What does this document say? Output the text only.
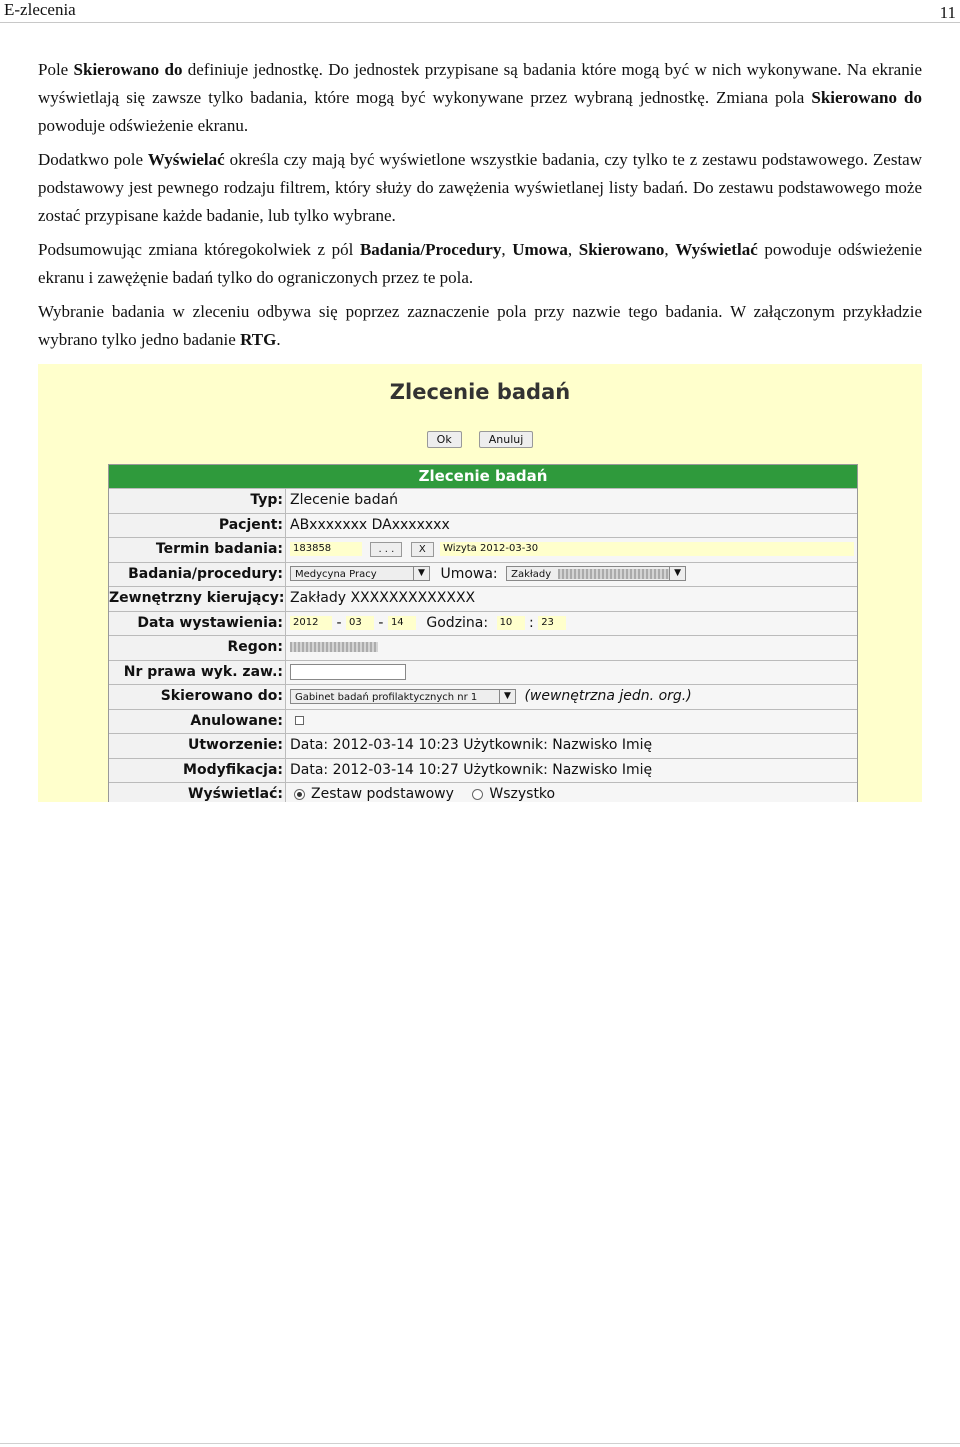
E-zlecenia	11

Pole Skierowano do definiuje jednostkę. Do jednostek przypisane są badania które mogą być w nich wykonywane. Na ekranie wyświetlają się zawsze tylko badania, które mogą być wykonywane przez wybraną jednostkę. Zmiana pola Skierowano do powoduje odświeżenie ekranu.

Dodatkwo pole Wyświelać określa czy mają być wyświetlone wszystkie badania, czy tylko te z zestawu podstawowego. Zestaw podstawowy jest pewnego rodzaju filtrem, który służy do zawężenia wyświetlanej listy badań. Do zestawu podstawowego może zostać przypisane każde badanie, lub tylko wybrane.

Podsumowując zmiana któregokolwiek z pól Badania/Procedury, Umowa, Skierowano, Wyświetlać powoduje odświeżenie ekranu i zawężęnie badań tylko do ograniczonych przez te pola.

Wybranie badania w zleceniu odbywa się poprzez zaznaczenie pola przy nazwie tego badania. W załączonym przykładzie wybrano tylko jedno badanie RTG.

Zlecenie badań
Ok	Anuluj
Zlecenie badań
Typ: Zlecenie badań
Pacjent: ABxxxxxxx DAxxxxxxx
Termin badania:	183858	. . . X Wizyta 2012-03-30
Badania/procedury:	Medycyna Pracy	▼ Umowa: Zakłady	▼
Zewnętrzny kierujący: Zakłady XXXXXXXXXXXXX
Data wystawienia:	2012 - 03 - 14 Godzina: 10 : 23
Regon:
Nr prawa wyk. zaw.:
Skierowano do:	Gabinet badań profilaktycznych nr 1	▼ (wewnętrzna jedn. org.)
Anulowane:
Utworzenie: Data: 2012-03-14 10:23 Użytkownik: Nazwisko Imię
Modyfikacja: Data: 2012-03-14 10:27 Użytkownik: Nazwisko Imię
Wyświetlać:	Zestaw podstawowy	Wszystko
